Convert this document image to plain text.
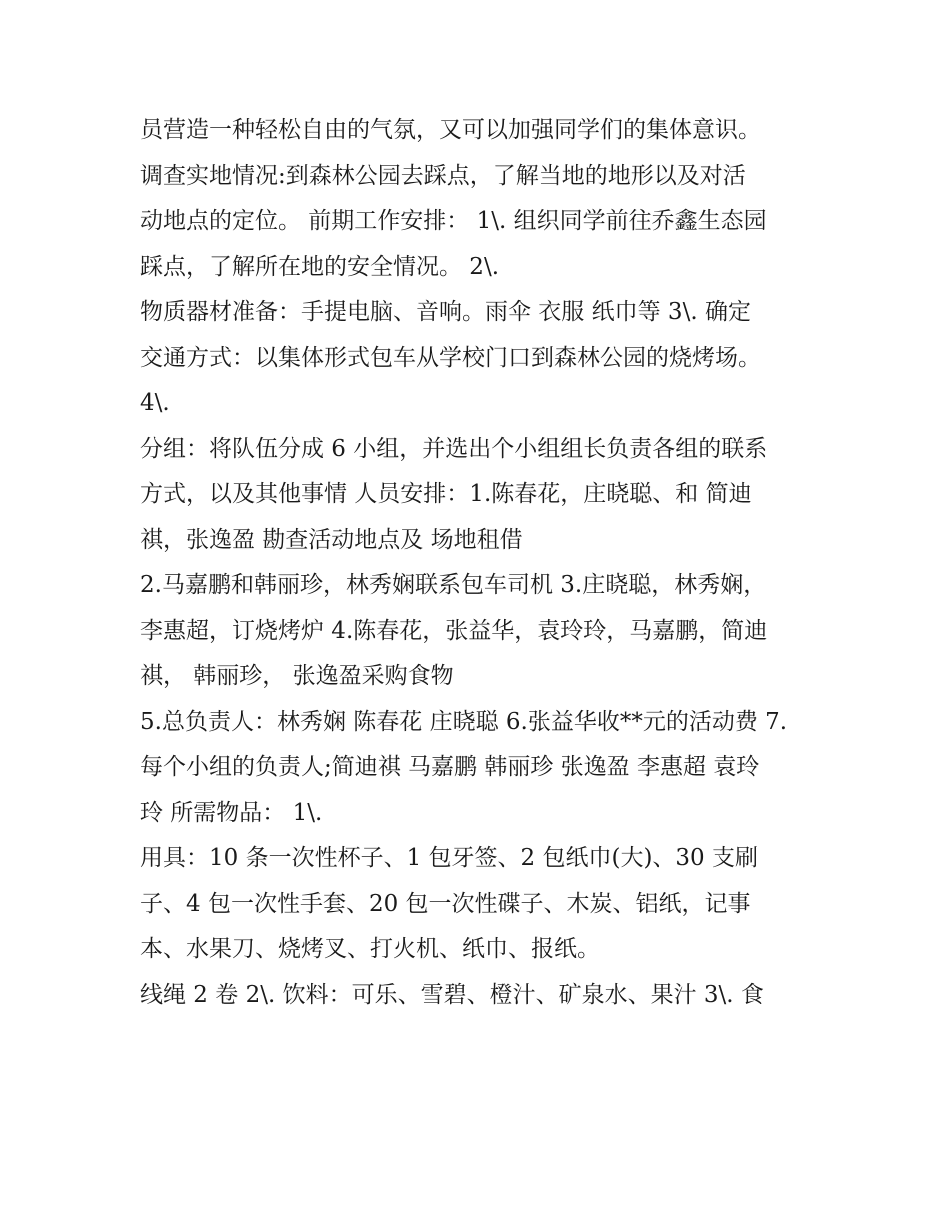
员营造一种轻松自由的气氛，又可以加强同学们的集体意识。
调查实地情况:到森林公园去踩点，了解当地的地形以及对活
动地点的定位。 前期工作安排： 1\. 组织同学前往乔鑫生态园
踩点，了解所在地的安全情况。 2\.
物质器材准备：手提电脑、音响。雨伞 衣服 纸巾等 3\. 确定
交通方式：以集体形式包车从学校门口到森林公园的烧烤场。
4\.
分组：将队伍分成 6 小组，并选出个小组组长负责各组的联系
方式，以及其他事情 人员安排：1.陈春花，庄晓聪、和 简迪
祺，张逸盈 勘查活动地点及 场地租借
2.马嘉鹏和韩丽珍，林秀娴联系包车司机 3.庄晓聪，林秀娴，
李惠超，订烧烤炉 4.陈春花，张益华，袁玲玲，马嘉鹏，简迪
祺， 韩丽珍， 张逸盈采购食物
5.总负责人：林秀娴 陈春花 庄晓聪 6.张益华收**元的活动费 7.
每个小组的负责人;简迪祺 马嘉鹏 韩丽珍 张逸盈 李惠超 袁玲
玲 所需物品： 1\.
用具：10 条一次性杯子、1 包牙签、2 包纸巾(大)、30 支刷
子、4 包一次性手套、20 包一次性碟子、木炭、铝纸，记事
本、水果刀、烧烤叉、打火机、纸巾、报纸。
线绳 2 卷 2\. 饮料：可乐、雪碧、橙汁、矿泉水、果汁 3\. 食
